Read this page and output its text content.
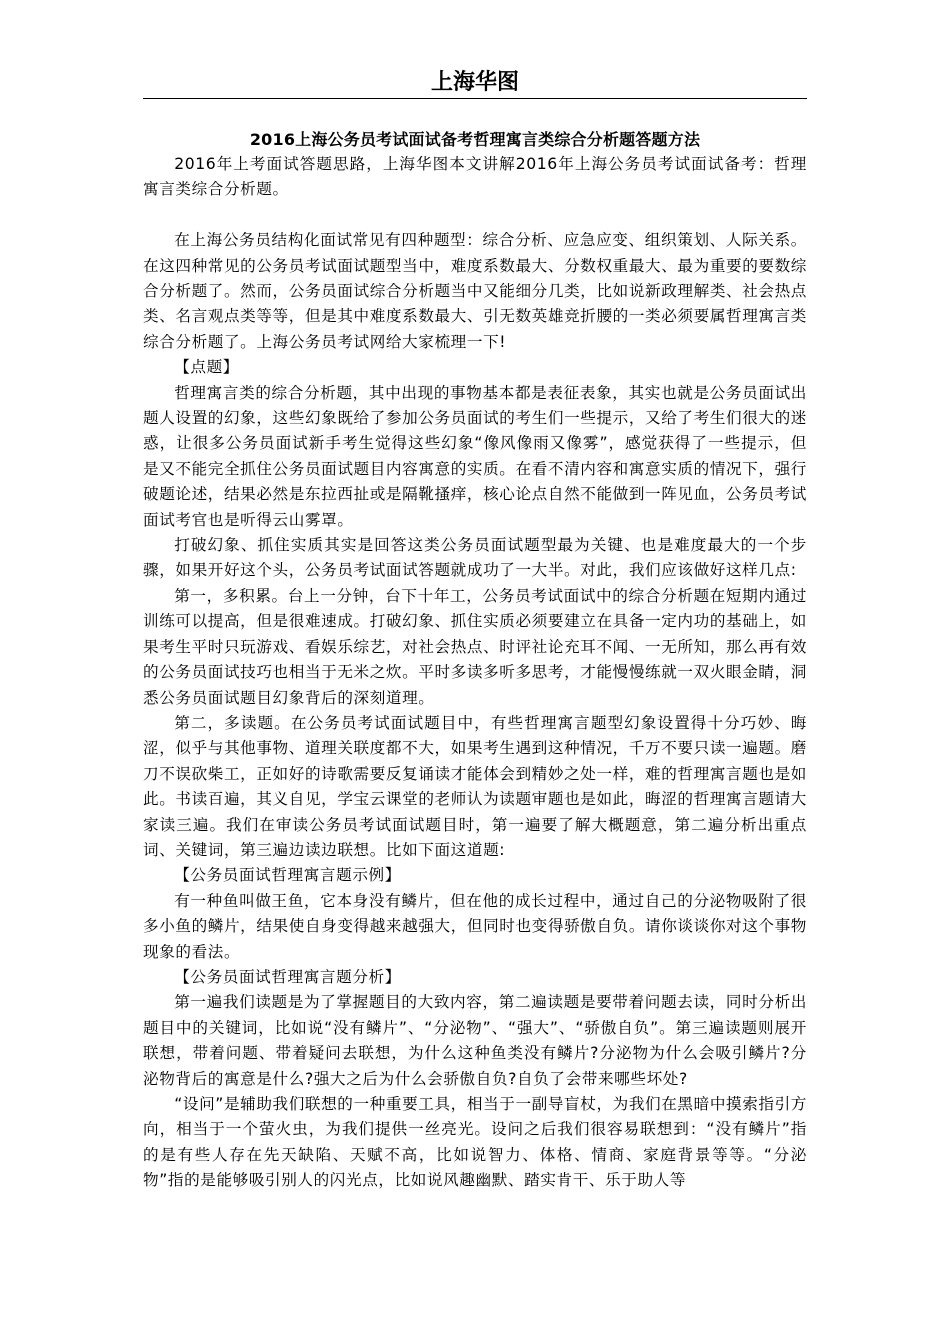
上海华图
2016上海公务员考试面试备考哲理寓言类综合分析题答题方法

2016年上考面试答题思路，上海华图本文讲解2016年上海公务员考试面试备考：哲理寓言类综合分析题。

在上海公务员结构化面试常见有四种题型：综合分析、应急应变、组织策划、人际关系。在这四种常见的公务员考试面试题型当中，难度系数最大、分数权重最大、最为重要的要数综合分析题了。然而，公务员面试综合分析题当中又能细分几类，比如说新政理解类、社会热点类、名言观点类等等，但是其中难度系数最大、引无数英雄竞折腰的一类必须要属哲理寓言类综合分析题了。上海公务员考试网给大家梳理一下!

【点题】

哲理寓言类的综合分析题，其中出现的事物基本都是表征表象，其实也就是公务员面试出题人设置的幻象，这些幻象既给了参加公务员面试的考生们一些提示，又给了考生们很大的迷惑，让很多公务员面试新手考生觉得这些幻象“像风像雨又像雾”，感觉获得了一些提示，但是又不能完全抓住公务员面试题目内容寓意的实质。在看不清内容和寓意实质的情况下，强行破题论述，结果必然是东拉西扯或是隔靴搔痒，核心论点自然不能做到一阵见血，公务员考试面试考官也是听得云山雾罩。

打破幻象、抓住实质其实是回答这类公务员面试题型最为关键、也是难度最大的一个步骤，如果开好这个头，公务员考试面试答题就成功了一大半。对此，我们应该做好这样几点:

第一，多积累。台上一分钟，台下十年工，公务员考试面试中的综合分析题在短期内通过训练可以提高，但是很难速成。打破幻象、抓住实质必须要建立在具备一定内功的基础上，如果考生平时只玩游戏、看娱乐综艺，对社会热点、时评社论充耳不闻、一无所知，那么再有效的公务员面试技巧也相当于无米之炊。平时多读多听多思考，才能慢慢练就一双火眼金睛，洞悉公务员面试题目幻象背后的深刻道理。

第二，多读题。在公务员考试面试题目中，有些哲理寓言题型幻象设置得十分巧妙、晦涩，似乎与其他事物、道理关联度都不大，如果考生遇到这种情况，千万不要只读一遍题。磨刀不误砍柴工，正如好的诗歌需要反复诵读才能体会到精妙之处一样，难的哲理寓言题也是如此。书读百遍，其义自见，学宝云课堂的老师认为读题审题也是如此，晦涩的哲理寓言题请大家读三遍。我们在审读公务员考试面试题目时，第一遍要了解大概题意，第二遍分析出重点词、关键词，第三遍边读边联想。比如下面这道题:

【公务员面试哲理寓言题示例】

有一种鱼叫做王鱼，它本身没有鳞片，但在他的成长过程中，通过自己的分泌物吸附了很多小鱼的鳞片，结果使自身变得越来越强大，但同时也变得骄傲自负。请你谈谈你对这个事物现象的看法。

【公务员面试哲理寓言题分析】

第一遍我们读题是为了掌握题目的大致内容，第二遍读题是要带着问题去读，同时分析出题目中的关键词，比如说“没有鳞片”、“分泌物”、“强大”、“骄傲自负”。第三遍读题则展开联想，带着问题、带着疑问去联想，为什么这种鱼类没有鳞片?分泌物为什么会吸引鳞片?分泌物背后的寓意是什么?强大之后为什么会骄傲自负?自负了会带来哪些坏处?

“设问”是辅助我们联想的一种重要工具，相当于一副导盲杖，为我们在黑暗中摸索指引方向，相当于一个萤火虫，为我们提供一丝亮光。设问之后我们很容易联想到：“没有鳞片”指的是有些人存在先天缺陷、天赋不高，比如说智力、体格、情商、家庭背景等等。“分泌物”指的是能够吸引别人的闪光点，比如说风趣幽默、踏实肯干、乐于助人等
